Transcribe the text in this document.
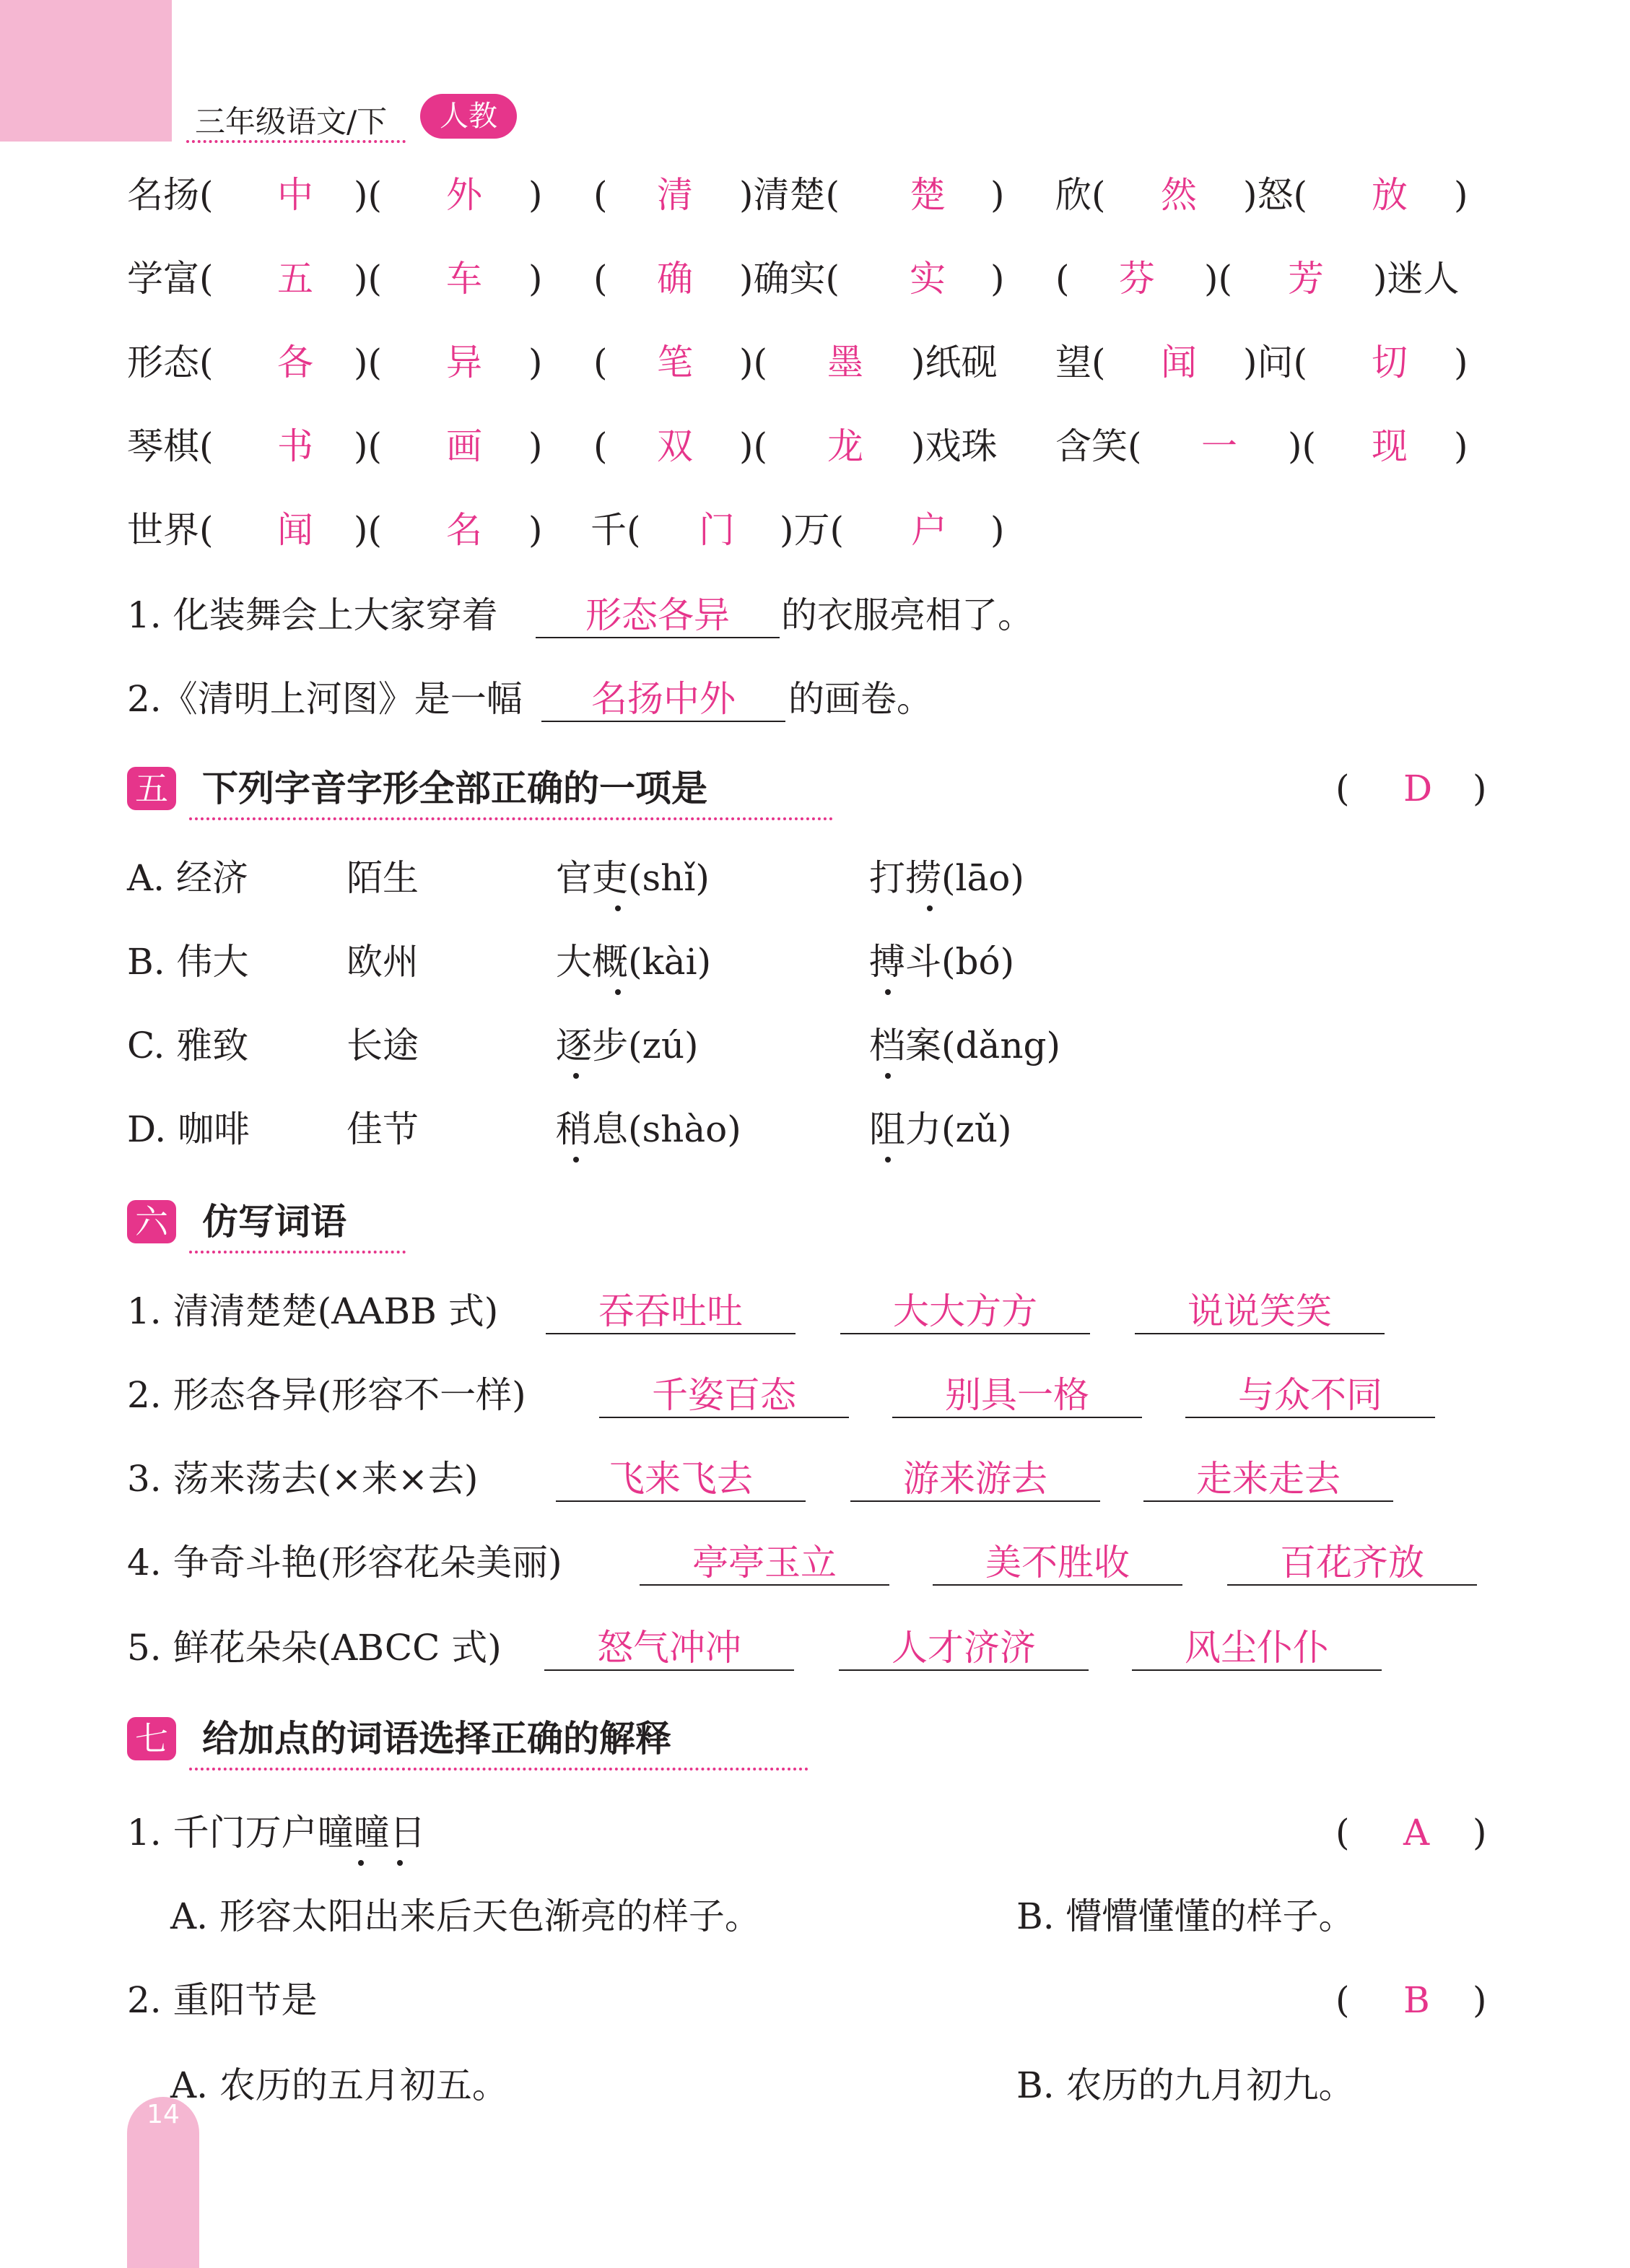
三年级语文/下	人教
名扬( 中 )( 外 ) ( 清 )清楚( 楚 ) 欣( 然 )怒( 放 )
学富( 五 )( 车 ) ( 确 )确实( 实 ) ( 芬 )( 芳 )迷人
形态( 各 )( 异 ) ( 笔 )( 墨 )纸砚 望( 闻 )问( 切 )
琴棋( 书 )( 画 ) ( 双 )( 龙 )戏珠 含笑( 一 )( 现 )
世界( 闻 )( 名 ) 千( 门 )万( 户 )
1. 化装舞会上大家穿着	形态各异	的衣服亮相了。
2.《清明上河图》是一幅	名扬中外	的画卷。
五 下列字音字形全部正确的一项是	( D )
A. 经济	陌生	官吏(shǐ)	打捞(lāo)
B. 伟大	欧州	大概(kài)	搏斗(bó)
C. 雅致	长途	逐步(zú)	档案(dǎng)
D. 咖啡	佳节	稍息(shào)	阻力(zǔ)
六 仿写词语
1. 清清楚楚(AABB 式)	吞吞吐吐	大大方方	说说笑笑
2. 形态各异(形容不一样)	千姿百态	别具一格	与众不同
3. 荡来荡去(×来×去)	飞来飞去	游来游去	走来走去
4. 争奇斗艳(形容花朵美丽)	亭亭玉立	美不胜收	百花齐放
5. 鲜花朵朵(ABCC 式)	怒气冲冲	人才济济	风尘仆仆
七 给加点的词语选择正确的解释
1. 千门万户曈曈日	( A )
A. 形容太阳出来后天色渐亮的样子。	B. 懵懵懂懂的样子。
2. 重阳节是	( B )
A. 农历的五月初五。	B. 农历的九月初九。
14
